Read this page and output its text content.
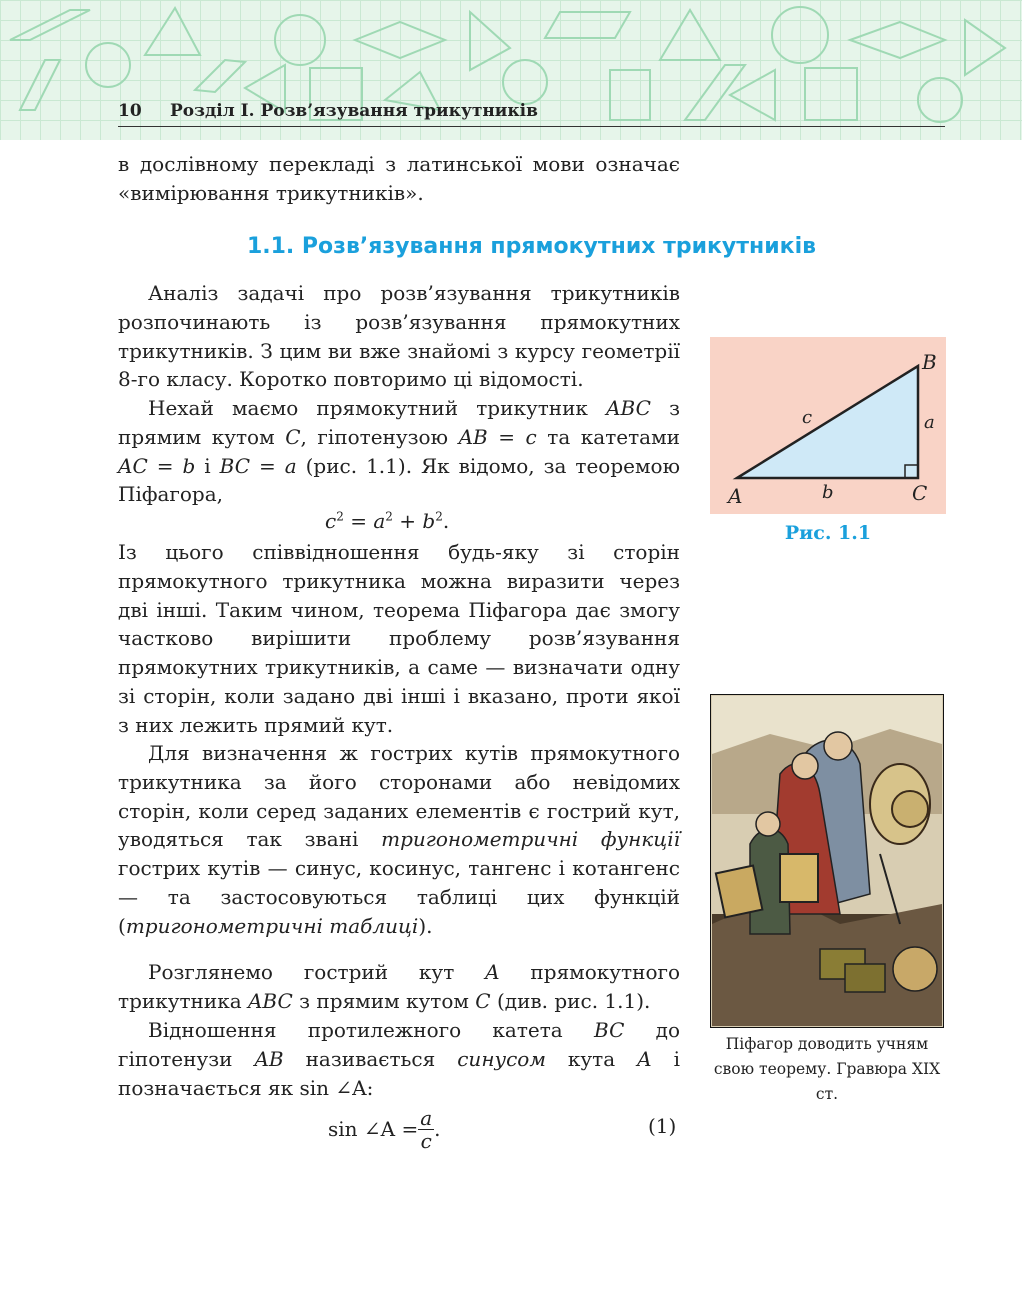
10 Розділ І. Розв’язування трикутників

в дослівному перекладі з латинської мови означає
«вимірювання трикутників».

1.1. Розв’язування прямокутних трикутників

Аналіз задачі про розв’язування трикутників розпочинають із розв’язування прямокутних трикутників. З цим ви вже знайомі з курсу геометрії 8-го класу. Коротко повторимо ці відомості.

Нехай маємо прямокутний трикутник ABC з прямим кутом C, гіпотенузою AB = c та катетами AC = b і BC = a (рис. 1.1). Як відомо, за теоремою Піфагора,

$c^2 = a^2 + b^2$.

Із цього співвідношення будь-яку зі сторін прямокутного трикутника можна виразити через дві інші. Таким чином, теорема Піфагора дає змогу частково вирішити проблему розв’язування прямокутних трикутників, а саме — визначати одну зі сторін, коли задано дві інші і вказано, проти якої з них лежить прямий кут.

Для визначення ж гострих кутів прямокутного трикутника за його сторонами або невідомих сторін, коли серед заданих елементів є гострий кут, уводяться так звані тригонометричні функції гострих кутів — синус, косинус, тангенс і котангенс — та застосовуються таблиці цих функцій (тригонометричні таблиці).

Розглянемо гострий кут A прямокутного трикутника ABC з прямим кутом C (див. рис. 1.1).

Відношення протилежного катета BC до гіпотенузи AB називається синусом кута A і позначається як sin ∠A:

sin ∠A = $\frac{a}{c}$ .	(1)
A
B
C
a
b
c
Рис. 1.1
Піфагор доводить учням свою теорему. Гравюра XIX ст.
